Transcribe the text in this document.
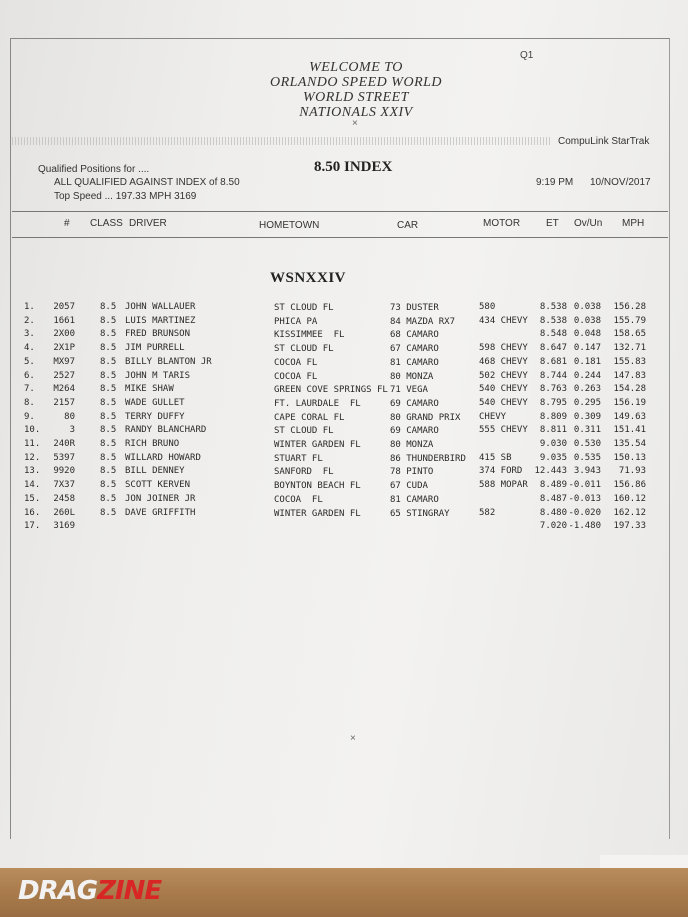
Q1
WELCOME TO
ORLANDO SPEED WORLD
WORLD STREET
NATIONALS XXIV
CompuLink StarTrak
Qualified Positions for ....
ALL QUALIFIED AGAINST INDEX of 8.50
Top Speed ... 197.33 MPH 3169
8.50 INDEX
9:19 PM 10/NOV/2017
# CLASS DRIVER	HOMETOWN	CAR	MOTOR	ET Ov/Un MPH
WSNXXIV
1. 2057	8.5 JOHN WALLAUER	ST CLOUD FL	73 DUSTER	580	8.538 0.038 156.28
2. 1661	8.5 LUIS MARTINEZ	PHICA PA	84 MAZDA RX7	434 CHEVY 8.538 0.038 155.79
3. 2X00	8.5 FRED BRUNSON	KISSIMMEE  FL	68 CAMARO	8.548 0.048 158.65
4. 2X1P	8.5 JIM PURRELL	ST CLOUD FL	67 CAMARO	598 CHEVY 8.647 0.147 132.71
5. MX97	8.5 BILLY BLANTON JR	COCOA FL	81 CAMARO	468 CHEVY 8.681 0.181 155.83
6. 2527	8.5 JOHN M TARIS	COCOA FL	80 MONZA	502 CHEVY 8.744 0.244 147.83
7. M264	8.5 MIKE SHAW	GREEN COVE SPRINGS FL 71 VEGA	540 CHEVY 8.763 0.263 154.28
8. 2157	8.5 WADE GULLET	FT. LAURDALE  FL	69 CAMARO	540 CHEVY 8.795 0.295 156.19
9.	80	8.5 TERRY DUFFY	CAPE CORAL FL	80 GRAND PRIX CHEVY	8.809 0.309 149.63
10.	3	8.5 RANDY BLANCHARD	ST CLOUD FL	69 CAMARO	555 CHEVY 8.811 0.311 151.41
11. 240R	8.5 RICH BRUNO	WINTER GARDEN FL	80 MONZA	9.030 0.530 135.54
12. 5397	8.5 WILLARD HOWARD	STUART FL	86 THUNDERBIRD 415 SB	9.035 0.535 150.13
13. 9920	8.5 BILL DENNEY	SANFORD  FL	78 PINTO	374 FORD 12.443 3.943 71.93
14. 7X37	8.5 SCOTT KERVEN	BOYNTON BEACH FL	67 CUDA	588 MOPAR 8.489 -0.011 156.86
15. 2458	8.5 JON JOINER JR	COCOA  FL	81 CAMARO	8.487 -0.013 160.12
16. 260L	8.5 DAVE GRIFFITH	WINTER GARDEN FL	65 STINGRAY	582	8.480 -0.020 162.12
17. 3169	7.020 -1.480 197.33
×
×
DRAGZINE
